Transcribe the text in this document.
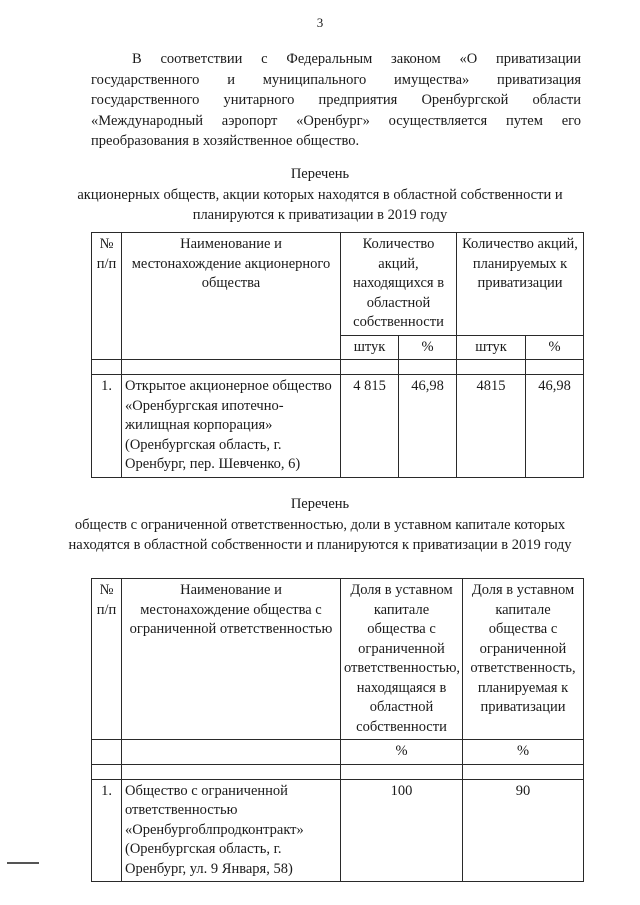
3
В соответствии с Федеральным законом «О приватизации государственного и муниципального имущества» приватизация государственного унитарного предприятия Оренбургской области «Международный аэропорт «Оренбург» осуществляется путем его преобразования в хозяйственное общество.
Перечень
акционерных обществ, акции которых находятся в областной собственности и планируются к приватизации в 2019 году
№ п/п	Наименование и местонахождение акционерного общества	Количество акций, находящихся в областной собственности		Количество акций, планируемых к приватизации	
		штук	%	штук	%

1.	Открытое акционерное общество «Оренбургская ипотечно-жилищная корпорация» (Оренбургская область, г. Оренбург, пер. Шевченко, 6)	4 815	46,98	4815	46,98
Перечень
обществ с ограниченной ответственностью, доли в уставном капитале которых находятся в областной собственности и планируются к приватизации в 2019 году
№ п/п	Наименование и местонахождение общества с ограниченной ответственностью	Доля в уставном капитале общества с ограниченной ответственностью, находящаяся в областной собственности	Доля в уставном капитале общества с ограниченной ответственность, планируемая к приватизации
		%	%

1.	Общество с ограниченной ответственностью «Оренбургоблпродконтракт» (Оренбургская область, г. Оренбург, ул. 9 Января, 58)	100	90
